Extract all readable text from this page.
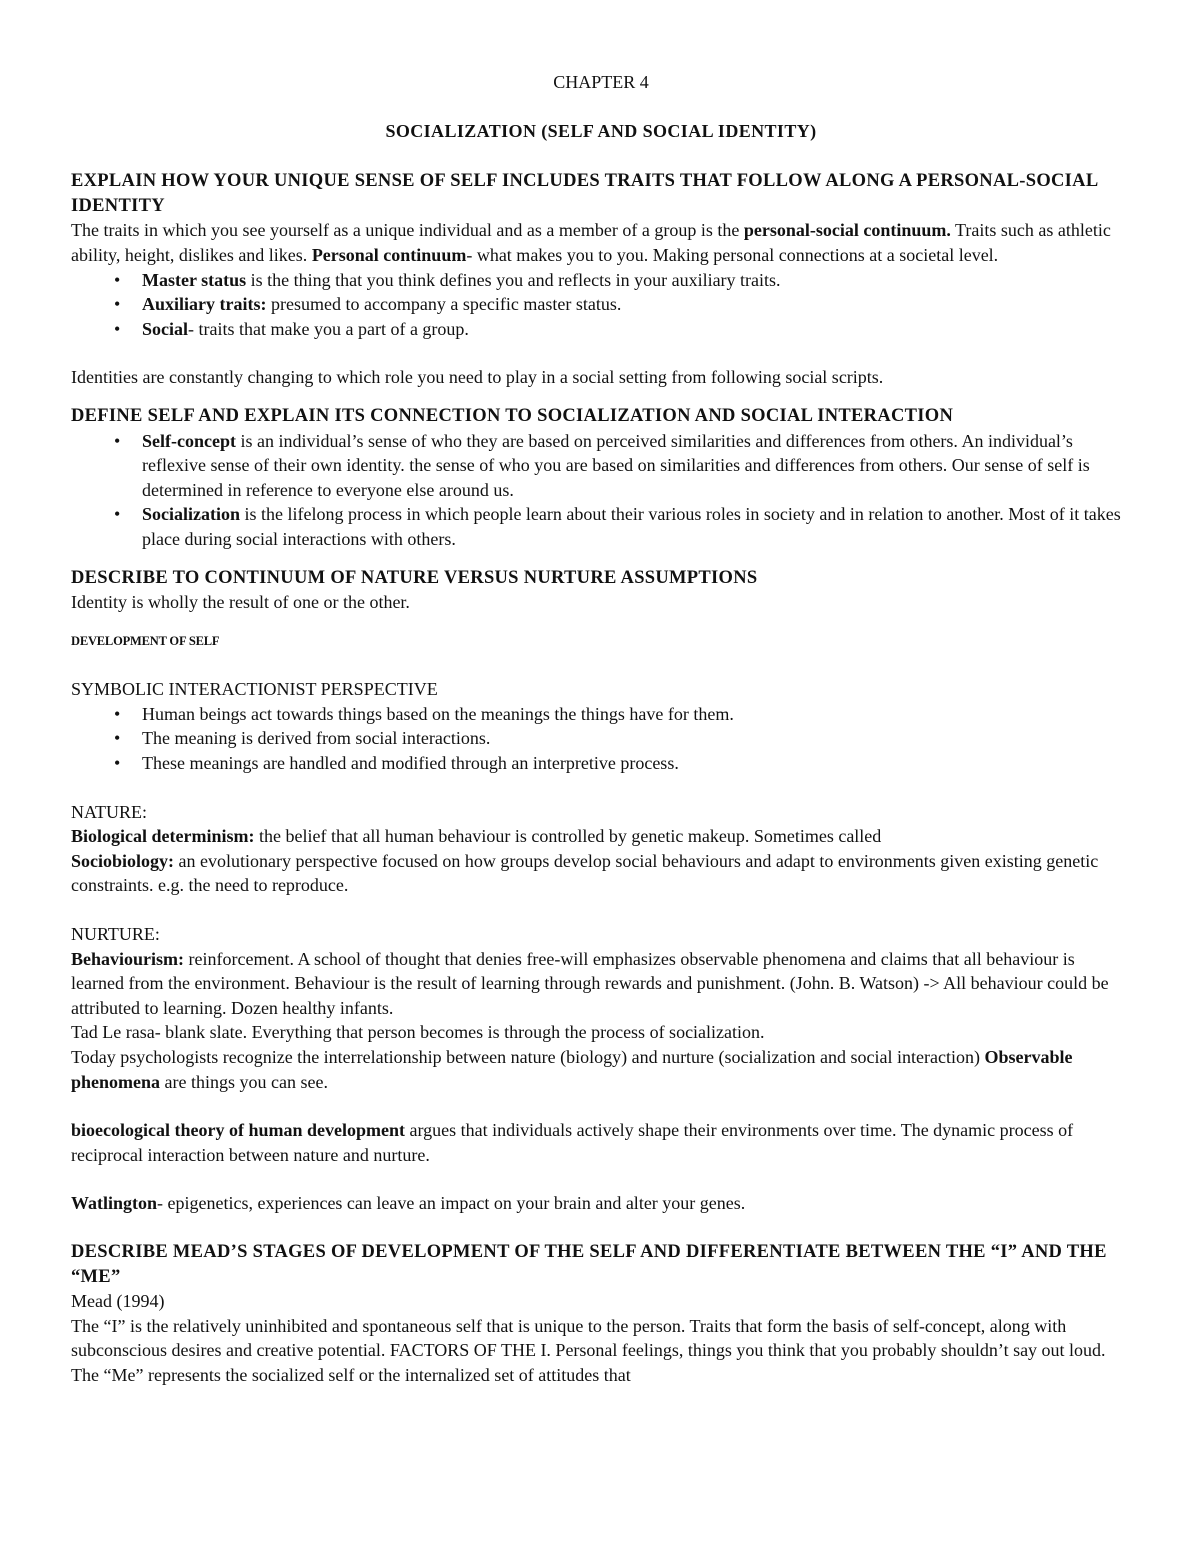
CHAPTER 4

SOCIALIZATION (SELF AND SOCIAL IDENTITY)

EXPLAIN HOW YOUR UNIQUE SENSE OF SELF INCLUDES TRAITS THAT FOLLOW ALONG A PERSONAL-SOCIAL IDENTITY

The traits in which you see yourself as a unique individual and as a member of a group is the personal-social continuum. Traits such as athletic ability, height, dislikes and likes. Personal continuum- what makes you to you. Making personal connections at a societal level.

• Master status is the thing that you think defines you and reflects in your auxiliary traits.
• Auxiliary traits: presumed to accompany a specific master status.
• Social- traits that make you a part of a group.

Identities are constantly changing to which role you need to play in a social setting from following social scripts.

DEFINE SELF AND EXPLAIN ITS CONNECTION TO SOCIALIZATION AND SOCIAL INTERACTION
• Self-concept is an individual’s sense of who they are based on perceived similarities and differences from others. An individual’s reflexive sense of their own identity. the sense of who you are based on similarities and differences from others. Our sense of self is determined in reference to everyone else around us.
• Socialization is the lifelong process in which people learn about their various roles in society and in relation to another. Most of it takes place during social interactions with others.
DESCRIBE TO CONTINUUM OF NATURE VERSUS NURTURE ASSUMPTIONS

Identity is wholly the result of one or the other.

DEVELOPMENT OF SELF

SYMBOLIC INTERACTIONIST PERSPECTIVE

• Human beings act towards things based on the meanings the things have for them.
• The meaning is derived from social interactions.
• These meanings are handled and modified through an interpretive process.

NATURE:

Biological determinism: the belief that all human behaviour is controlled by genetic makeup. Sometimes called

Sociobiology: an evolutionary perspective focused on how groups develop social behaviours and adapt to environments given existing genetic constraints. e.g. the need to reproduce.

NURTURE:

Behaviourism: reinforcement. A school of thought that denies free-will emphasizes observable phenomena and claims that all behaviour is learned from the environment. Behaviour is the result of learning through rewards and punishment. (John. B. Watson) -> All behaviour could be attributed to learning. Dozen healthy infants.

Tad Le rasa- blank slate. Everything that person becomes is through the process of socialization.

Today psychologists recognize the interrelationship between nature (biology) and nurture (socialization and social interaction) Observable phenomena are things you can see.

bioecological theory of human development argues that individuals actively shape their environments over time. The dynamic process of reciprocal interaction between nature and nurture.

Watlington- epigenetics, experiences can leave an impact on your brain and alter your genes.

DESCRIBE MEAD’S STAGES OF DEVELOPMENT OF THE SELF AND DIFFERENTIATE BETWEEN THE “I” AND THE “ME”

Mead (1994)

The “I” is the relatively uninhibited and spontaneous self that is unique to the person. Traits that form the basis of self-concept, along with subconscious desires and creative potential. FACTORS OF THE I. Personal feelings, things you think that you probably shouldn’t say out loud. The “Me” represents the socialized self or the internalized set of attitudes that
